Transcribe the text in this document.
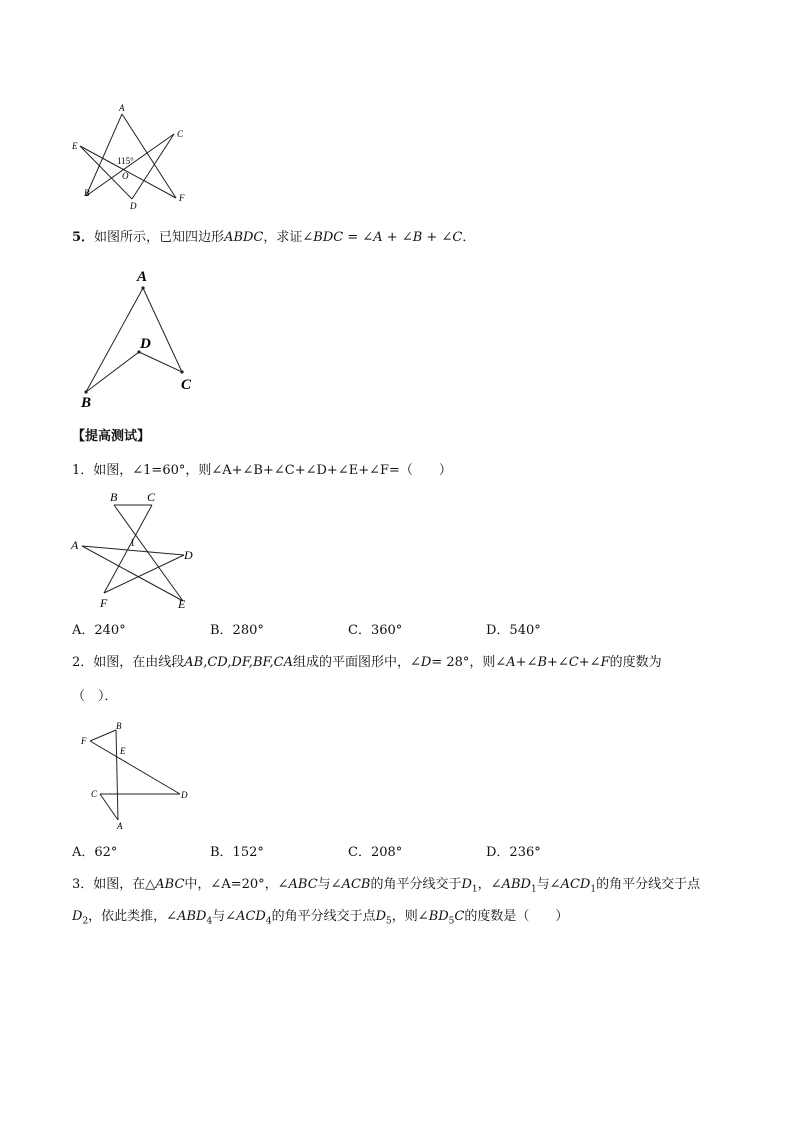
A
C
E
B
D
F
O
115°
5．如图所示，已知四边形ABDC，求证∠BDC = ∠A + ∠B + ∠C．
A
D
C
B
【提高测试】
1．如图，∠1=60°，则∠A+∠B+∠C+∠D+∠E+∠F=（　　）
B C
A
D
F	E
1
A．240°	B．280°	C．360°	D．540°
2．如图，在由线段AB,CD,DF,BF,CA组成的平面图形中，∠D= 28°，则∠A+∠B+∠C+∠F的度数为
（　）．
B
F
E
C	D
A
A．62°	B．152°	C．208°	D．236°
3．如图，在△ABC中，∠A=20°，∠ABC与∠ACB的角平分线交于$D_1$，$\angle ABD_1$与$\angle ACD_1$的角平分线交于点
$D_2$，依此类推，$\angle ABD_4$与$\angle ACD_4$的角平分线交于点$D_5$，则$\angle BD_5C$的度数是（　　）
